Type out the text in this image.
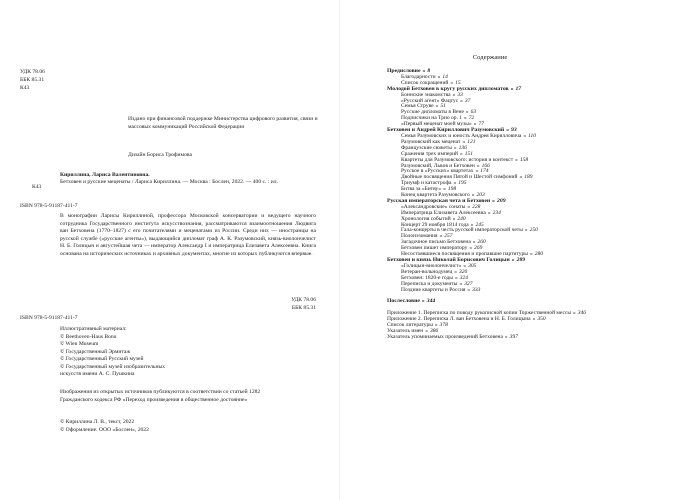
УДК 78.06
ББК 85.31
К43
Издано при финансовой поддержке Министерства цифрового развития, связи и массовых коммуникаций Российской Федерации
Дизайн Бориса Трофимова

Кириллина, Лариса Валентиновна.

Бетховен и русские меценаты / Лариса Кириллина. — Москва : Бослен, 2022. — 400 с. : ил.

К43
ISBN 978-5-91187-411-7
В монографии Ларисы Кириллиной, профессора Московской консерватории и ведущего научного сотрудника Государственного института искусствознания, рассматриваются взаимоотношения Людвига ван Бетховена (1770–1827) с его почитателями и меценатами из России. Среди них — иностранцы на русской службе («русские агенты»), выдающийся дипломат граф А. К. Разумовский, князь-виолончелист Н. Б. Голицын и августейшая чета — император Александр I и императрица Елизавета Алексеевна. Книга основана на исторических источниках и архивных документах, многие из которых публикуются впервые.
УДК 78.06
ББК 85.31
ISBN 978-5-91187-411-7
Иллюстративный материал:
© Beethoven-Haus Bonn
© Wien Museum
© Государственный Эрмитаж
© Государственный Русский музей
© Государственный музей изобразительных
искусств имени А. С. Пушкина
Изображения из открытых источников публикуются в соответствии со статьей 1282 Гражданского кодекса РФ «Переход произведения в общественное достояние»
© Кириллина Л. В., текст, 2022
© Оформление. ООО «Бослен», 2022
Содержание
Предисловие » 8
Благодарности » 14
Список сокращений » 15
Молодой Бетховен в кругу русских дипломатов » 17
Боннские знакомства » 33
«Русский агент» Фацтус » 37
Семья Струве » 51
Русские дипломаты в Вене » 63
Подписчики на Трио ор. 1 » 72
«Первый меценат моей музы» » 77
Бетховен и Андрей Кириллович Разумовский » 93
Семья Разумовских и юность Андрея Кирилловича » 110
Разумовский как меценат » 121
Французские сюжеты » 136
Сражения трех империй » 151
Квартеты для Разумовского: история и контекст » 158
Разумовский, Львов и Бетховен » 166
Русское в «Русских» квартетах » 174
Двойные посвящения Пятой и Шестой симфоний » 189
Триумф и катастрофа » 195
Битва за «Битву» » 198
Конец квартета Разумовского » 203
Русская императорская чета и Бетховен » 209
«Александровские» сонаты » 228
Императрица Елизавета Алексеевна » 234
Хронология событий » 240
Концерт 29 ноября 1814 года » 245
Гала-концерты в честь русской императорской четы » 250
Полонэзомания » 257
Загадочное письмо Бетховена » 260
Бетховен пишет императору » 269
Несостоявшиеся посвящения и пропавшие партитуры » 280
Бетховен и князь Николай Борисович Голицын » 289
«Голицын-виолончелист» » 305
Ветеран-вольнодумец » 320
Бетховен: 1820-е годы » 324
Переписка и документы » 327
Поздние квартеты и Россия » 333
Послесловие » 344
Приложение 1. Переписка по поводу рукописной копии Торжественной мессы » 346
Приложение 2. Переписка Л. ван Бетховена и Н. Б. Голицына » 350
Список литературы » 378
Указатель имен » 386
Указатель упоминаемых произведений Бетховена » 397
